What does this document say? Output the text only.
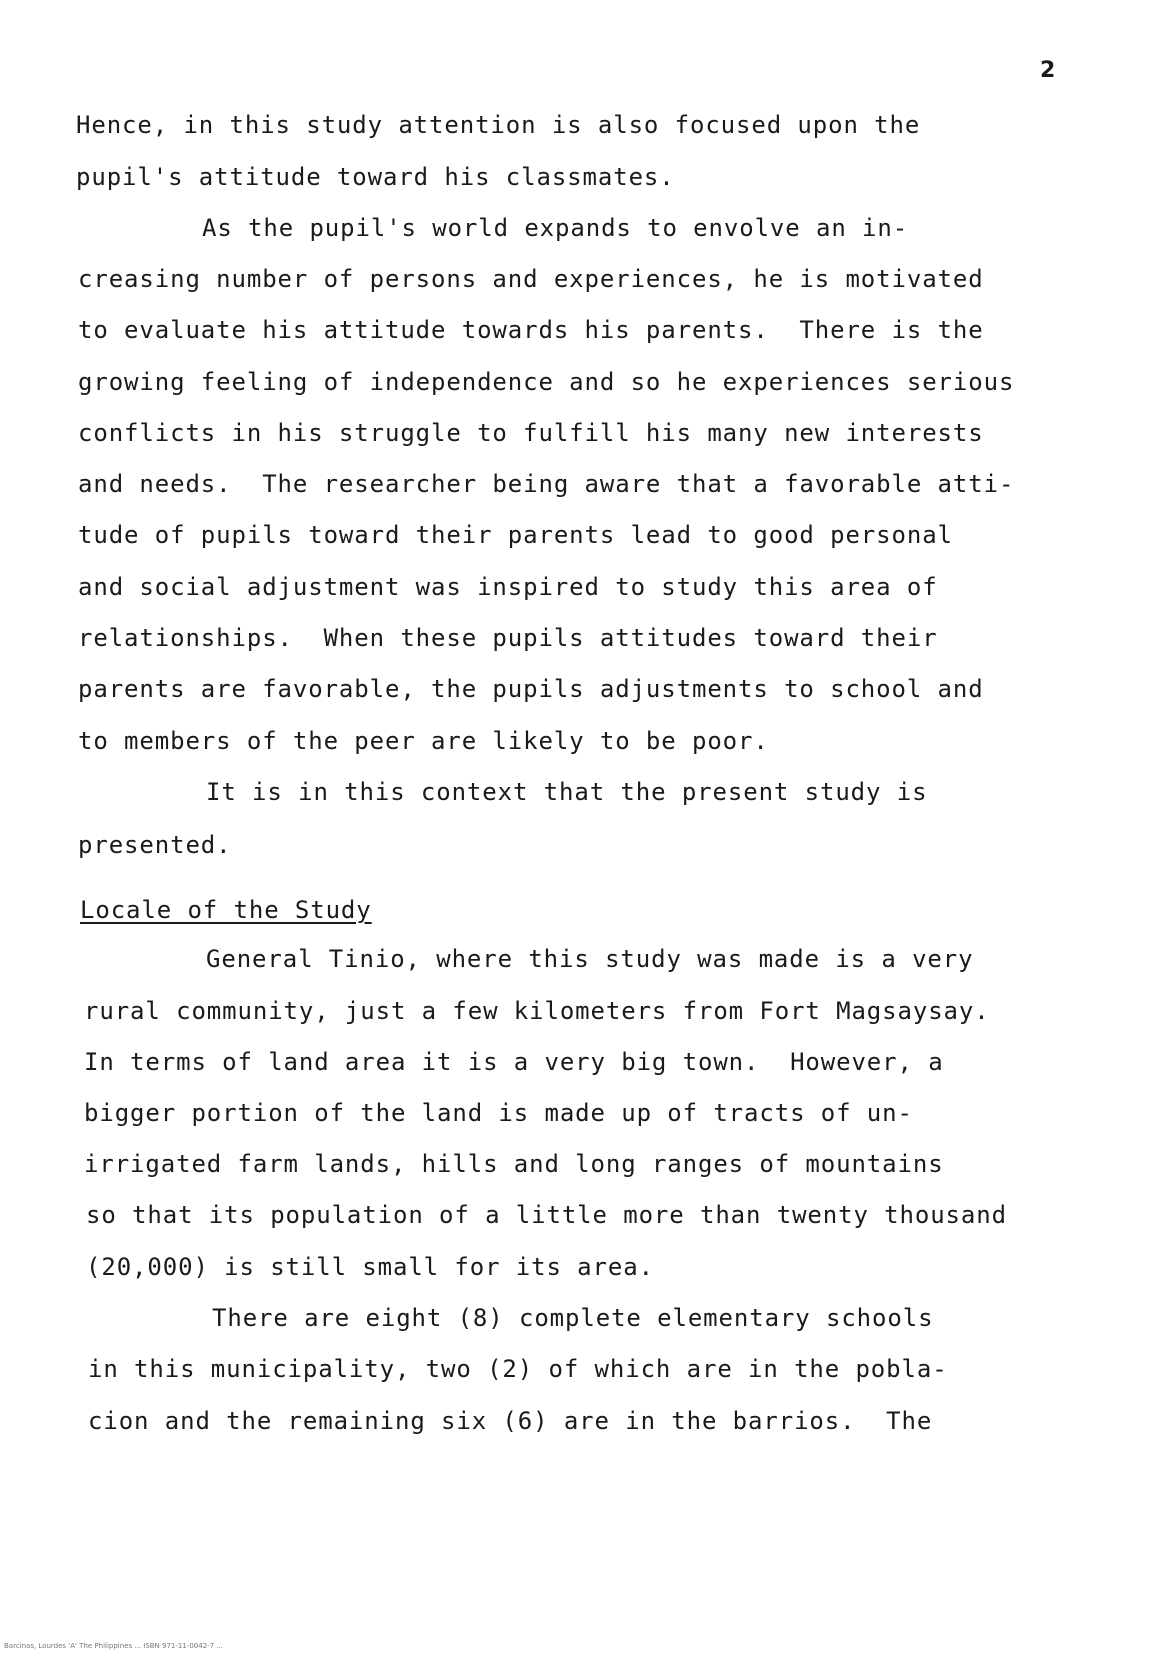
2
Hence, in this study attention is also focused upon the
pupil's attitude toward his classmates.
As the pupil's world expands to envolve an in-
creasing number of persons and experiences, he is motivated
to evaluate his attitude towards his parents.  There is the
growing feeling of independence and so he experiences serious
conflicts in his struggle to fulfill his many new interests
and needs.  The researcher being aware that a favorable atti-
tude of pupils toward their parents lead to good personal
and social adjustment was inspired to study this area of
relationships.  When these pupils attitudes toward their
parents are favorable, the pupils adjustments to school and
to members of the peer are likely to be poor.
It is in this context that the present study is
presented.
Locale of the Study
General Tinio, where this study was made is a very
rural community, just a few kilometers from Fort Magsaysay.
In terms of land area it is a very big town.  However, a
bigger portion of the land is made up of tracts of un-
irrigated farm lands, hills and long ranges of mountains
so that its population of a little more than twenty thousand
(20,000) is still small for its area.
There are eight (8) complete elementary schools
in this municipality, two (2) of which are in the pobla-
cion and the remaining six (6) are in the barrios.  The
Barcinas, Lourdes 'A' The Philippines ... ISBN 971-11-0042-7 ...
